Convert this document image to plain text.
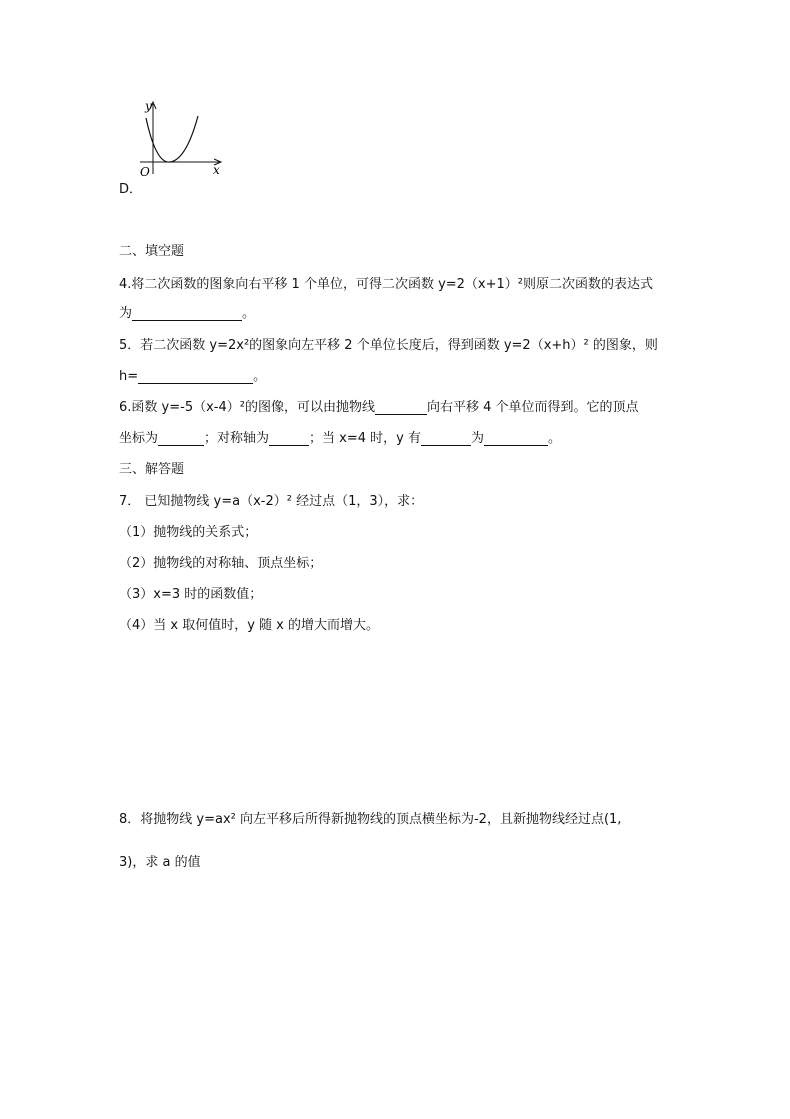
y
x
O
D．
二、填空题
4.将二次函数的图象向右平移 1 个单位，可得二次函数 y=2（x+1）²则原二次函数的表达式
为	。
5．若二次函数 y=2x²的图象向左平移 2 个单位长度后，得到函数 y=2（x+h）² 的图象，则
h=	。
6.函数 y=-5（x-4）²的图像，可以由抛物线	向右平移 4 个单位而得到。它的顶点
坐标为	；对称轴为	；当 x=4 时，y 有	为	。
三、解答题
7． 已知抛物线 y=a（x-2）² 经过点（1，3），求：
（1）抛物线的关系式；
（2）抛物线的对称轴、顶点坐标；
（3）x=3 时的函数值；
（4）当 x 取何值时，y 随 x 的增大而增大。
8．将抛物线 y=ax² 向左平移后所得新抛物线的顶点横坐标为-2，且新抛物线经过点(1,
3)，求 a 的值
